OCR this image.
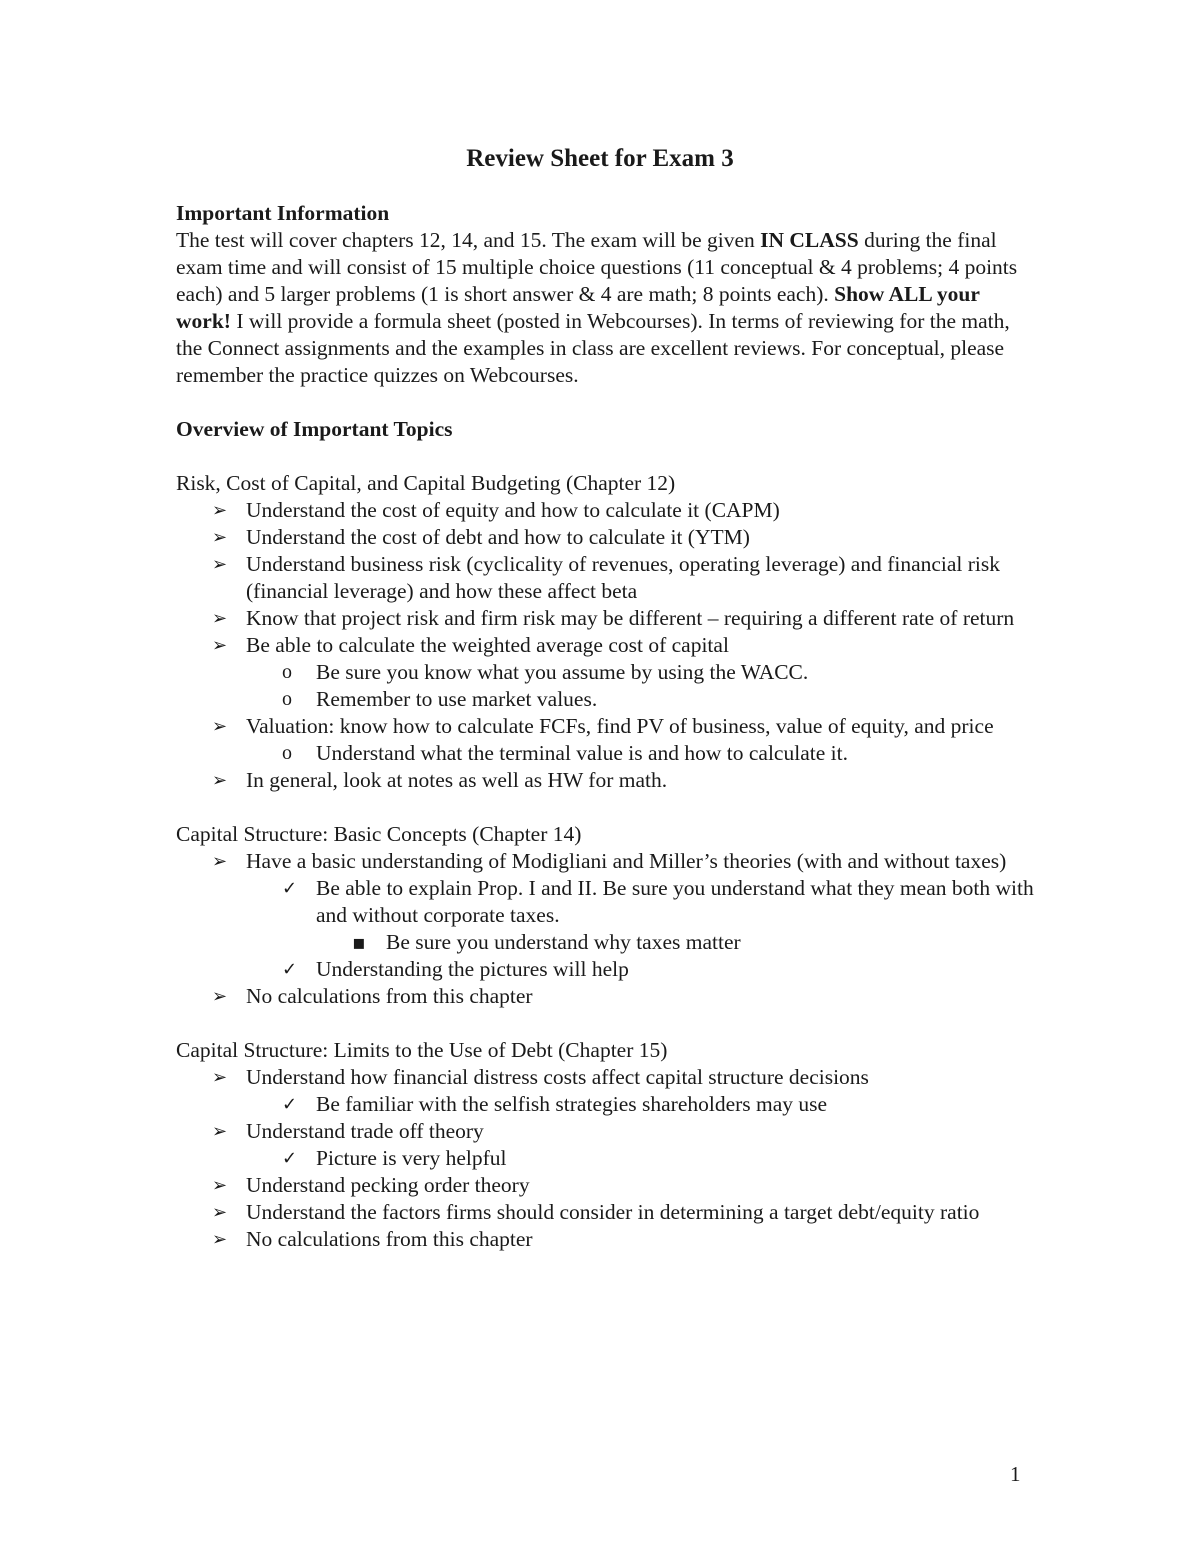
Review Sheet for Exam 3
Important Information

The test will cover chapters 12, 14, and 15. The exam will be given IN CLASS during the final exam time and will consist of 15 multiple choice questions (11 conceptual & 4 problems; 4 points each) and 5 larger problems (1 is short answer & 4 are math; 8 points each). Show ALL your work! I will provide a formula sheet (posted in Webcourses). In terms of reviewing for the math, the Connect assignments and the examples in class are excellent reviews. For conceptual, please remember the practice quizzes on Webcourses.

Overview of Important Topics
Risk, Cost of Capital, and Capital Budgeting (Chapter 12)
➢
Understand the cost of equity and how to calculate it (CAPM)
➢
Understand the cost of debt and how to calculate it (YTM)
➢
Understand business risk (cyclicality of revenues, operating leverage) and financial risk (financial leverage) and how these affect beta
➢
Know that project risk and firm risk may be different – requiring a different rate of return
➢
Be able to calculate the weighted average cost of capital
o
Be sure you know what you assume by using the WACC.
o
Remember to use market values.
➢
Valuation: know how to calculate FCFs, find PV of business, value of equity, and price
o
Understand what the terminal value is and how to calculate it.
➢
In general, look at notes as well as HW for math.
Capital Structure: Basic Concepts (Chapter 14)
➢
Have a basic understanding of Modigliani and Miller’s theories (with and without taxes)
✓
Be able to explain Prop. I and II. Be sure you understand what they mean both with and without corporate taxes.
▪
Be sure you understand why taxes matter
✓
Understanding the pictures will help
➢
No calculations from this chapter
Capital Structure: Limits to the Use of Debt (Chapter 15)
➢
Understand how financial distress costs affect capital structure decisions
✓
Be familiar with the selfish strategies shareholders may use
➢
Understand trade off theory
✓
Picture is very helpful
➢
Understand pecking order theory
➢
Understand the factors firms should consider in determining a target debt/equity ratio
➢
No calculations from this chapter
1
